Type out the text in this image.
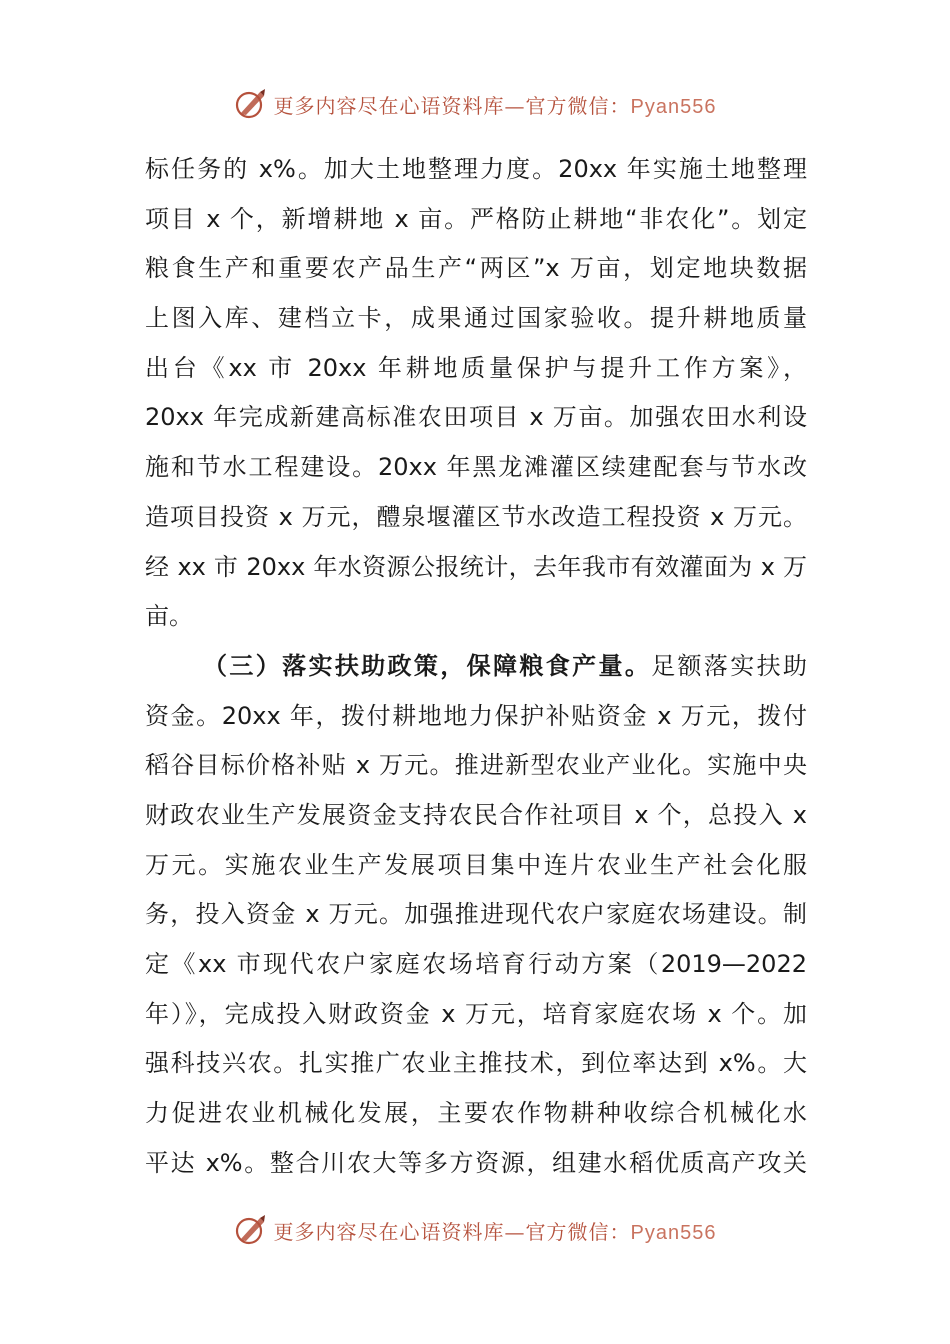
更多内容尽在心语资料库—官方微信：Pyan556
标任务的 x%。加大土地整理力度。20xx 年实施土地整理
项目 x 个，新增耕地 x 亩。严格防止耕地“非农化”。划定
粮食生产和重要农产品生产“两区”x 万亩，划定地块数据
上图入库、建档立卡，成果通过国家验收。提升耕地质量
出台《xx 市 20xx 年耕地质量保护与提升工作方案》，
20xx 年完成新建高标准农田项目 x 万亩。加强农田水利设
施和节水工程建设。20xx 年黑龙滩灌区续建配套与节水改
造项目投资 x 万元，醴泉堰灌区节水改造工程投资 x 万元。
经 xx 市 20xx 年水资源公报统计，去年我市有效灌面为 x 万
亩。
（三）落实扶助政策，保障粮食产量。足额落实扶助
资金。20xx 年，拨付耕地地力保护补贴资金 x 万元，拨付
稻谷目标价格补贴 x 万元。推进新型农业产业化。实施中央
财政农业生产发展资金支持农民合作社项目 x 个，总投入 x
万元。实施农业生产发展项目集中连片农业生产社会化服
务，投入资金 x 万元。加强推进现代农户家庭农场建设。制
定《xx 市现代农户家庭农场培育行动方案（2019—2022
年）》，完成投入财政资金 x 万元，培育家庭农场 x 个。加
强科技兴农。扎实推广农业主推技术，到位率达到 x%。大
力促进农业机械化发展，主要农作物耕种收综合机械化水
平达 x%。整合川农大等多方资源，组建水稻优质高产攻关
更多内容尽在心语资料库—官方微信：Pyan556
